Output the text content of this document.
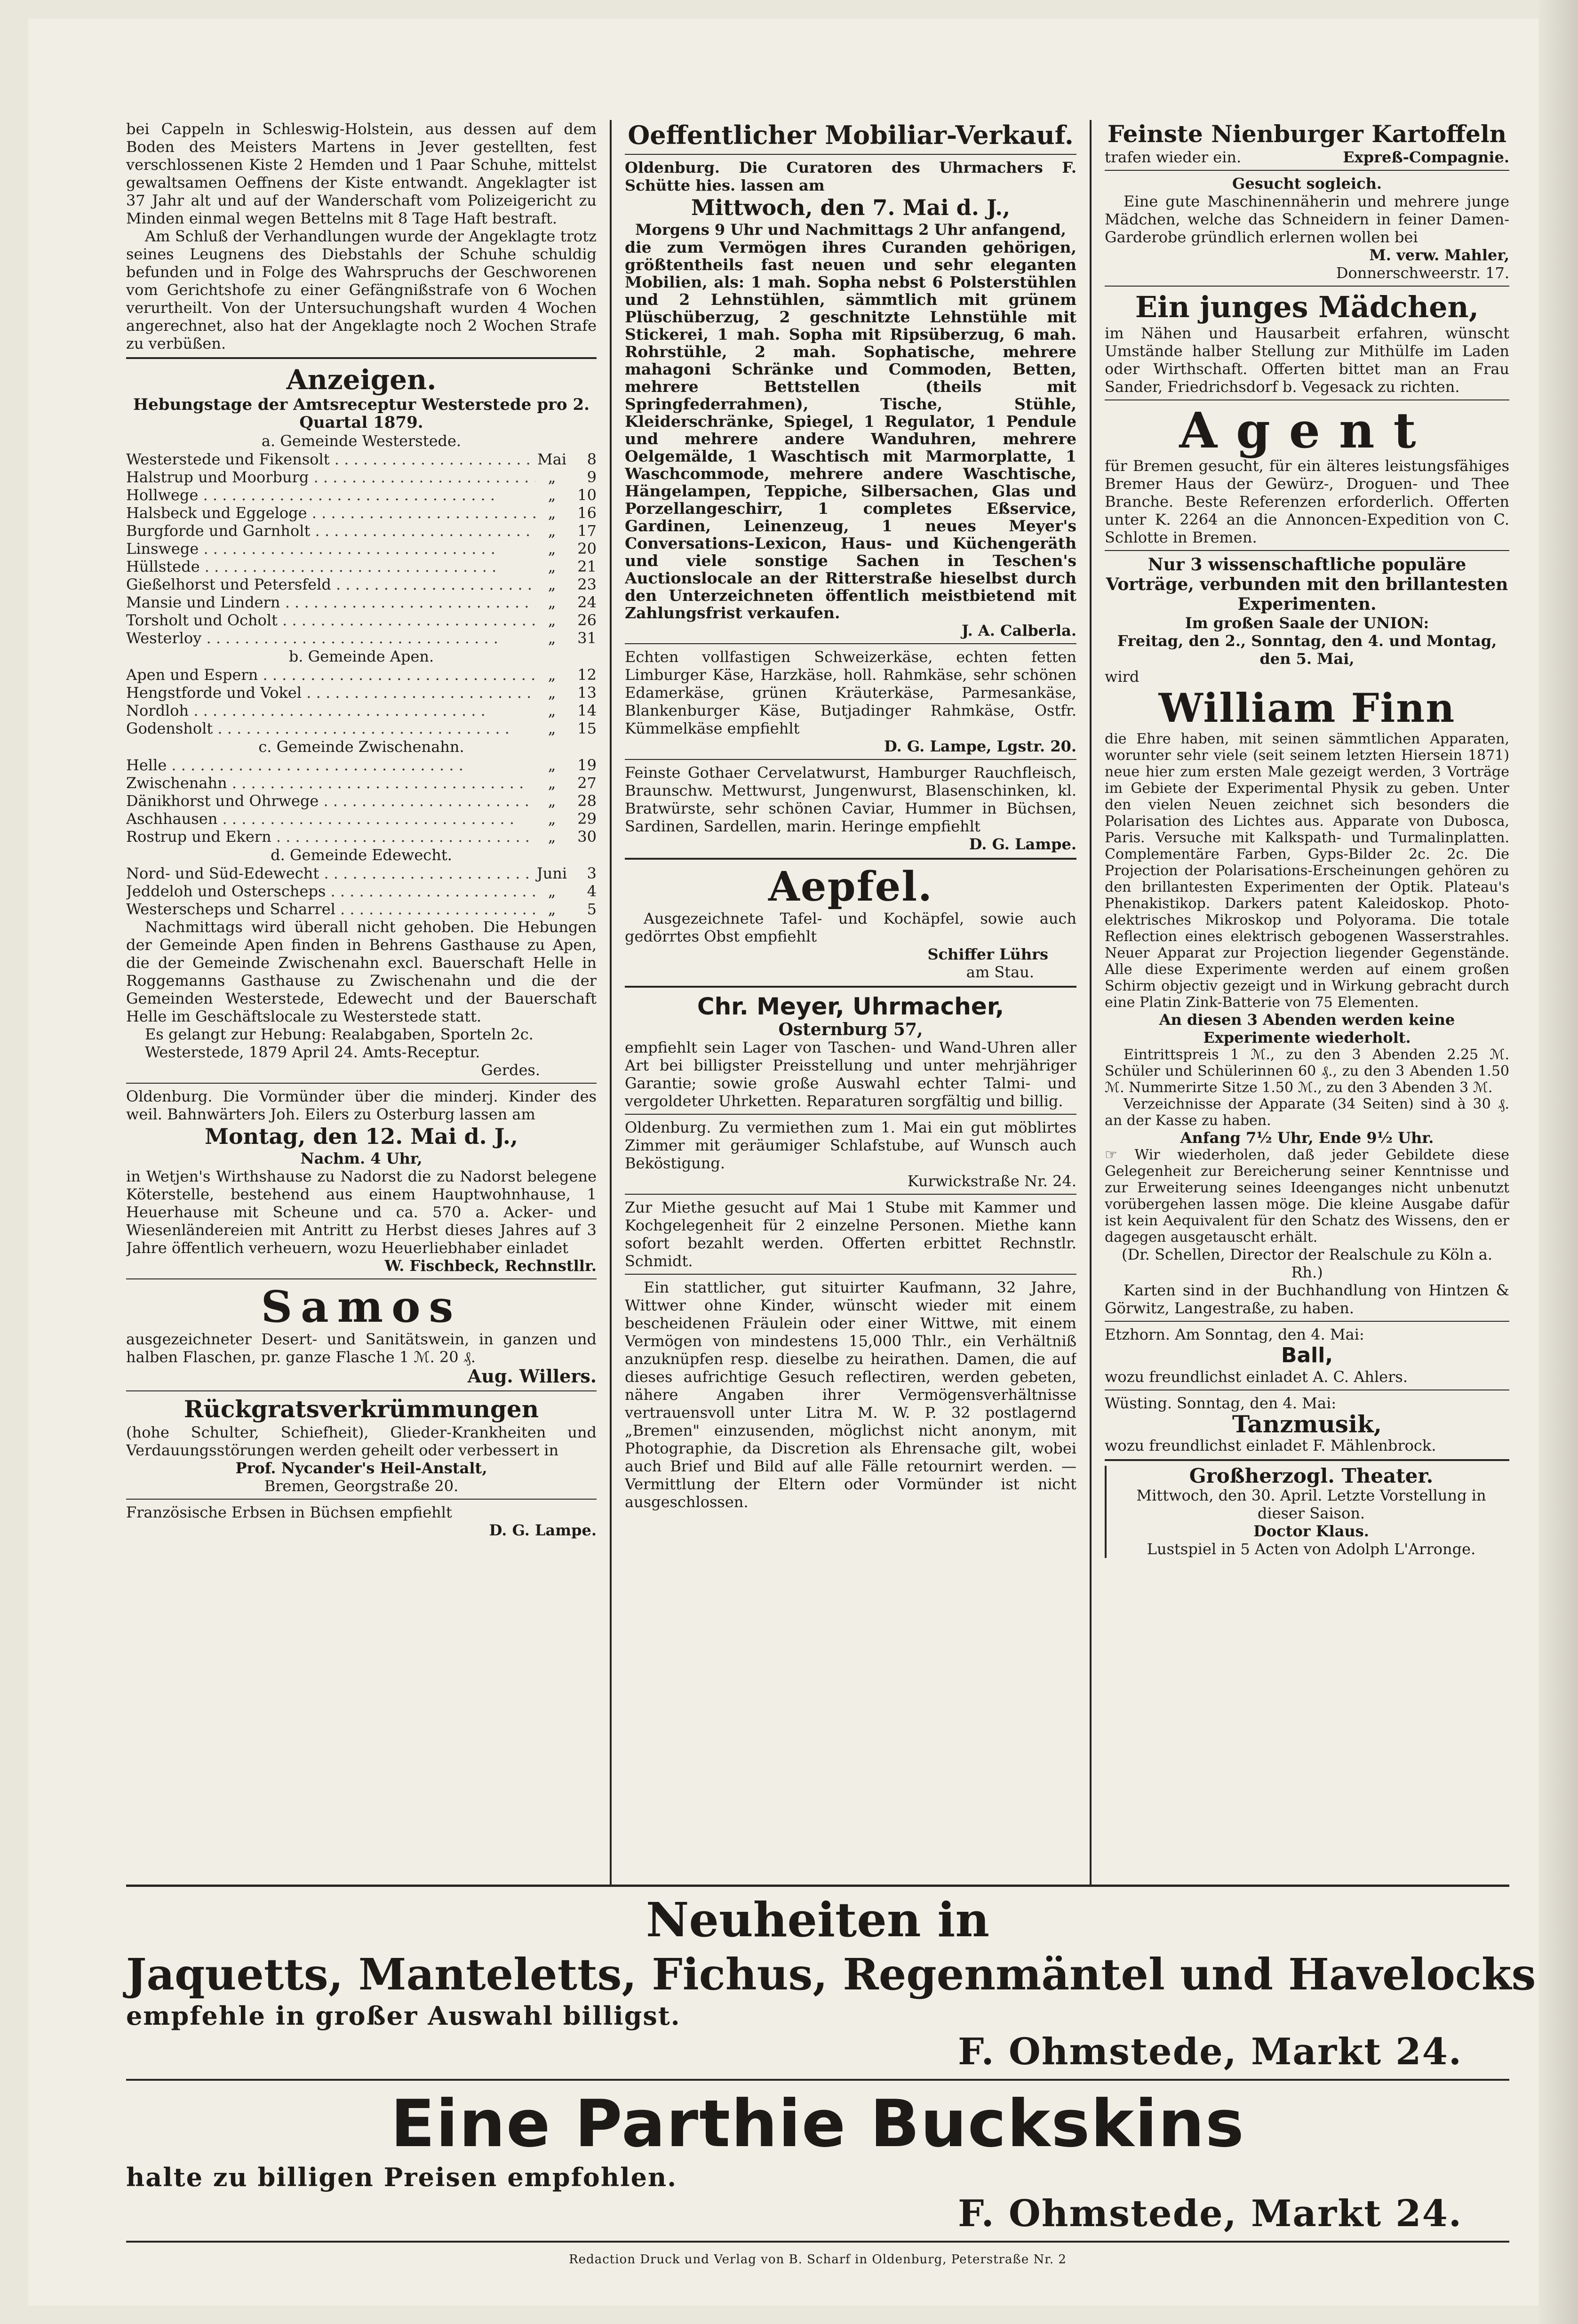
bei Cappeln in Schleswig-Holstein, aus dessen auf dem Boden des Meisters Martens in Jever gestellten, fest verschlossenen Kiste 2 Hemden und 1 Paar Schuhe, mittelst gewaltsamen Oeffnens der Kiste entwandt. Angeklagter ist 37 Jahr alt und auf der Wanderschaft vom Polizeigericht zu Minden einmal wegen Bettelns mit 8 Tage Haft bestraft.

Am Schluß der Verhandlungen wurde der Angeklagte trotz seines Leugnens des Diebstahls der Schuhe schuldig befunden und in Folge des Wahrspruchs der Geschworenen vom Gerichtshofe zu einer Gefängnißstrafe von 6 Wochen verurtheilt. Von der Untersuchungshaft wurden 4 Wochen angerechnet, also hat der Angeklagte noch 2 Wochen Strafe zu verbüßen.

Anzeigen.

Hebungstage der Amtsreceptur Westerstede pro 2. Quartal 1879.

a. Gemeinde Westerstede.

Westerstede und Fikensolt . . .	Mai	8
Halstrup und Moorburg . . .	„	9
Hollwege . . .	„	10
Halsbeck und Eggeloge . . .	„	16
Burgforde und Garnholt . . .	„	17
Linswege . . .	„	20
Hüllstede . . .	„	21
Gießelhorst und Petersfeld . . .	„	23
Mansie und Lindern . . .	„	24
Torsholt und Ocholt . . .	„	26
Westerloy . . .	„	31

b. Gemeinde Apen.

Apen und Espern . . .	„	12
Hengstforde und Vokel . . .	„	13
Nordloh . . .	„	14
Godensholt . . .	„	15

c. Gemeinde Zwischenahn.

Helle . . .	„	19
Zwischenahn . . .	„	27
Dänikhorst und Ohrwege . . .	„	28
Aschhausen . . .	„	29
Rostrup und Ekern . . .	„	30

d. Gemeinde Edewecht.

Nord- und Süd-Edewecht . . .	Juni	3
Jeddeloh und Osterscheps . . .	„	4
Westerscheps und Scharrel . . .	„	5

Nachmittags wird überall nicht gehoben. Die Hebungen der Gemeinde Apen finden in Behrens Gasthause zu Apen, die der Gemeinde Zwischenahn excl. Bauerschaft Helle in Roggemanns Gasthause zu Zwischenahn und die der Gemeinden Westerstede, Edewecht und der Bauerschaft Helle im Geschäftslocale zu Westerstede statt.

Es gelangt zur Hebung: Realabgaben, Sporteln 2c.

Westerstede, 1879 April 24. Amts-Receptur.

Gerdes.

Oldenburg. Die Vormünder über die minderj. Kinder des weil. Bahnwärters Joh. Eilers zu Osterburg lassen am

Montag, den 12. Mai d. J.,

Nachm. 4 Uhr,

in Wetjen's Wirthshause zu Nadorst die zu Nadorst belegene Köterstelle, bestehend aus einem Hauptwohnhause, 1 Heuerhause mit Scheune und ca. 570 a. Acker- und Wiesenländereien mit Antritt zu Herbst dieses Jahres auf 3 Jahre öffentlich verheuern, wozu Heuerliebhaber einladet

W. Fischbeck, Rechnstllr.

Samos

ausgezeichneter Desert- und Sanitätswein, in ganzen und halben Flaschen, pr. ganze Flasche 1 ℳ. 20 ₰.

Aug. Willers.

Rückgratsverkrümmungen

(hohe Schulter, Schiefheit), Glieder-Krankheiten und Verdauungsstörungen werden geheilt oder verbessert in

Prof. Nycander's Heil-Anstalt,

Bremen, Georgstraße 20.

Französische Erbsen in Büchsen empfiehlt

D. G. Lampe.

Oeffentlicher Mobiliar-Verkauf.

Oldenburg. Die Curatoren des Uhrmachers F. Schütte hies. lassen am

Mittwoch, den 7. Mai d. J.,

Morgens 9 Uhr und Nachmittags 2 Uhr anfangend,

die zum Vermögen ihres Curanden gehörigen, größtentheils fast neuen und sehr eleganten Mobilien, als: 1 mah. Sopha nebst 6 Polsterstühlen und 2 Lehnstühlen, sämmtlich mit grünem Plüschüberzug, 2 geschnitzte Lehnstühle mit Stickerei, 1 mah. Sopha mit Ripsüberzug, 6 mah. Rohrstühle, 2 mah. Sophatische, mehrere mahagoni Schränke und Commoden, Betten, mehrere Bettstellen (theils mit Springfederrahmen), Tische, Stühle, Kleiderschränke, Spiegel, 1 Regulator, 1 Pendule und mehrere andere Wanduhren, mehrere Oelgemälde, 1 Waschtisch mit Marmorplatte, 1 Waschcommode, mehrere andere Waschtische, Hängelampen, Teppiche, Silbersachen, Glas und Porzellangeschirr, 1 completes Eßservice, Gardinen, Leinenzeug, 1 neues Meyer's Conversations-Lexicon, Haus- und Küchengeräth und viele sonstige Sachen in Teschen's Auctionslocale an der Ritterstraße hieselbst durch den Unterzeichneten öffentlich meistbietend mit Zahlungsfrist verkaufen.

J. A. Calberla.

Echten vollfastigen Schweizerkäse, echten fetten Limburger Käse, Harzkäse, holl. Rahmkäse, sehr schönen Edamerkäse, grünen Kräuterkäse, Parmesankäse, Blankenburger Käse, Butjadinger Rahmkäse, Ostfr. Kümmelkäse empfiehlt

D. G. Lampe, Lgstr. 20.

Feinste Gothaer Cervelatwurst, Hamburger Rauchfleisch, Braunschw. Mettwurst, Jungenwurst, Blasenschinken, kl. Bratwürste, sehr schönen Caviar, Hummer in Büchsen, Sardinen, Sardellen, marin. Heringe empfiehlt

D. G. Lampe.

Aepfel.

Ausgezeichnete Tafel- und Kochäpfel, sowie auch gedörrtes Obst empfiehlt

Schiffer Lührs

am Stau.

Chr. Meyer, Uhrmacher,

Osternburg 57,

empfiehlt sein Lager von Taschen- und Wand-Uhren aller Art bei billigster Preisstellung und unter mehrjähriger Garantie; sowie große Auswahl echter Talmi- und vergoldeter Uhrketten. Reparaturen sorgfältig und billig.

Oldenburg. Zu vermiethen zum 1. Mai ein gut möblirtes Zimmer mit geräumiger Schlafstube, auf Wunsch auch Beköstigung.

Kurwickstraße Nr. 24.

Zur Miethe gesucht auf Mai 1 Stube mit Kammer und Kochgelegenheit für 2 einzelne Personen. Miethe kann sofort bezahlt werden. Offerten erbittet Rechnstlr. Schmidt.

Ein stattlicher, gut situirter Kaufmann, 32 Jahre, Wittwer ohne Kinder, wünscht wieder mit einem bescheidenen Fräulein oder einer Wittwe, mit einem Vermögen von mindestens 15,000 Thlr., ein Verhältniß anzuknüpfen resp. dieselbe zu heirathen. Damen, die auf dieses aufrichtige Gesuch reflectiren, werden gebeten, nähere Angaben ihrer Vermögensverhältnisse vertrauensvoll unter Litra M. W. P. 32 postlagernd „Bremen" einzusenden, möglichst nicht anonym, mit Photographie, da Discretion als Ehrensache gilt, wobei auch Brief und Bild auf alle Fälle retournirt werden. — Vermittlung der Eltern oder Vormünder ist nicht ausgeschlossen.

Feinste Nienburger Kartoffeln

trafen wieder ein.	Expreß-Compagnie.

Gesucht sogleich.

Eine gute Maschinennäherin und mehrere junge Mädchen, welche das Schneidern in feiner Damen-Garderobe gründlich erlernen wollen bei

M. verw. Mahler,

Donnerschweerstr. 17.

Ein junges Mädchen,

im Nähen und Hausarbeit erfahren, wünscht Umstände halber Stellung zur Mithülfe im Laden oder Wirthschaft. Offerten bittet man an Frau Sander, Friedrichsdorf b. Vegesack zu richten.

Agent

für Bremen gesucht, für ein älteres leistungsfähiges Bremer Haus der Gewürz-, Droguen- und Thee Branche. Beste Referenzen erforderlich. Offerten unter K. 2264 an die Annoncen-Expedition von C. Schlotte in Bremen.

Nur 3 wissenschaftliche populäre Vorträge, verbunden mit den brillantesten Experimenten.

Im großen Saale der UNION:

Freitag, den 2., Sonntag, den 4. und Montag, den 5. Mai,

wird

William Finn

die Ehre haben, mit seinen sämmtlichen Apparaten, worunter sehr viele (seit seinem letzten Hiersein 1871) neue hier zum ersten Male gezeigt werden, 3 Vorträge im Gebiete der Experimental Physik zu geben. Unter den vielen Neuen zeichnet sich besonders die Polarisation des Lichtes aus. Apparate von Dubosca, Paris. Versuche mit Kalkspath- und Turmalinplatten. Complementäre Farben, Gyps-Bilder 2c. 2c. Die Projection der Polarisations-Erscheinungen gehören zu den brillantesten Experimenten der Optik. Plateau's Phenakistikop. Darkers patent Kaleidoskop. Photo-elektrisches Mikroskop und Polyorama. Die totale Reflection eines elektrisch gebogenen Wasserstrahles. Neuer Apparat zur Projection liegender Gegenstände. Alle diese Experimente werden auf einem großen Schirm objectiv gezeigt und in Wirkung gebracht durch eine Platin Zink-Batterie von 75 Elementen.

An diesen 3 Abenden werden keine Experimente wiederholt.

Eintrittspreis 1 ℳ., zu den 3 Abenden 2.25 ℳ. Schüler und Schülerinnen 60 ₰., zu den 3 Abenden 1.50 ℳ. Nummerirte Sitze 1.50 ℳ., zu den 3 Abenden 3 ℳ.

Verzeichnisse der Apparate (34 Seiten) sind à 30 ₰. an der Kasse zu haben.

Anfang 7½ Uhr, Ende 9½ Uhr.

☞ Wir wiederholen, daß jeder Gebildete diese Gelegenheit zur Bereicherung seiner Kenntnisse und zur Erweiterung seines Ideenganges nicht unbenutzt vorübergehen lassen möge. Die kleine Ausgabe dafür ist kein Aequivalent für den Schatz des Wissens, den er dagegen ausgetauscht erhält.

(Dr. Schellen, Director der Realschule zu Köln a. Rh.)

Karten sind in der Buchhandlung von Hintzen & Görwitz, Langestraße, zu haben.

Etzhorn. Am Sonntag, den 4. Mai:

Ball,

wozu freundlichst einladet A. C. Ahlers.

Wüsting. Sonntag, den 4. Mai:

Tanzmusik,

wozu freundlichst einladet F. Mählenbrock.

Großherzogl. Theater.

Mittwoch, den 30. April. Letzte Vorstellung in dieser Saison.

Doctor Klaus.

Lustspiel in 5 Acten von Adolph L'Arronge.

Neuheiten in

Jaquetts, Manteletts, Fichus, Regenmäntel und Havelocks

empfehle in großer Auswahl billigst.

F. Ohmstede, Markt 24.

Eine Parthie Buckskins

halte zu billigen Preisen empfohlen.

F. Ohmstede, Markt 24.

Redaction Druck und Verlag von B. Scharf in Oldenburg, Peterstraße Nr. 2
